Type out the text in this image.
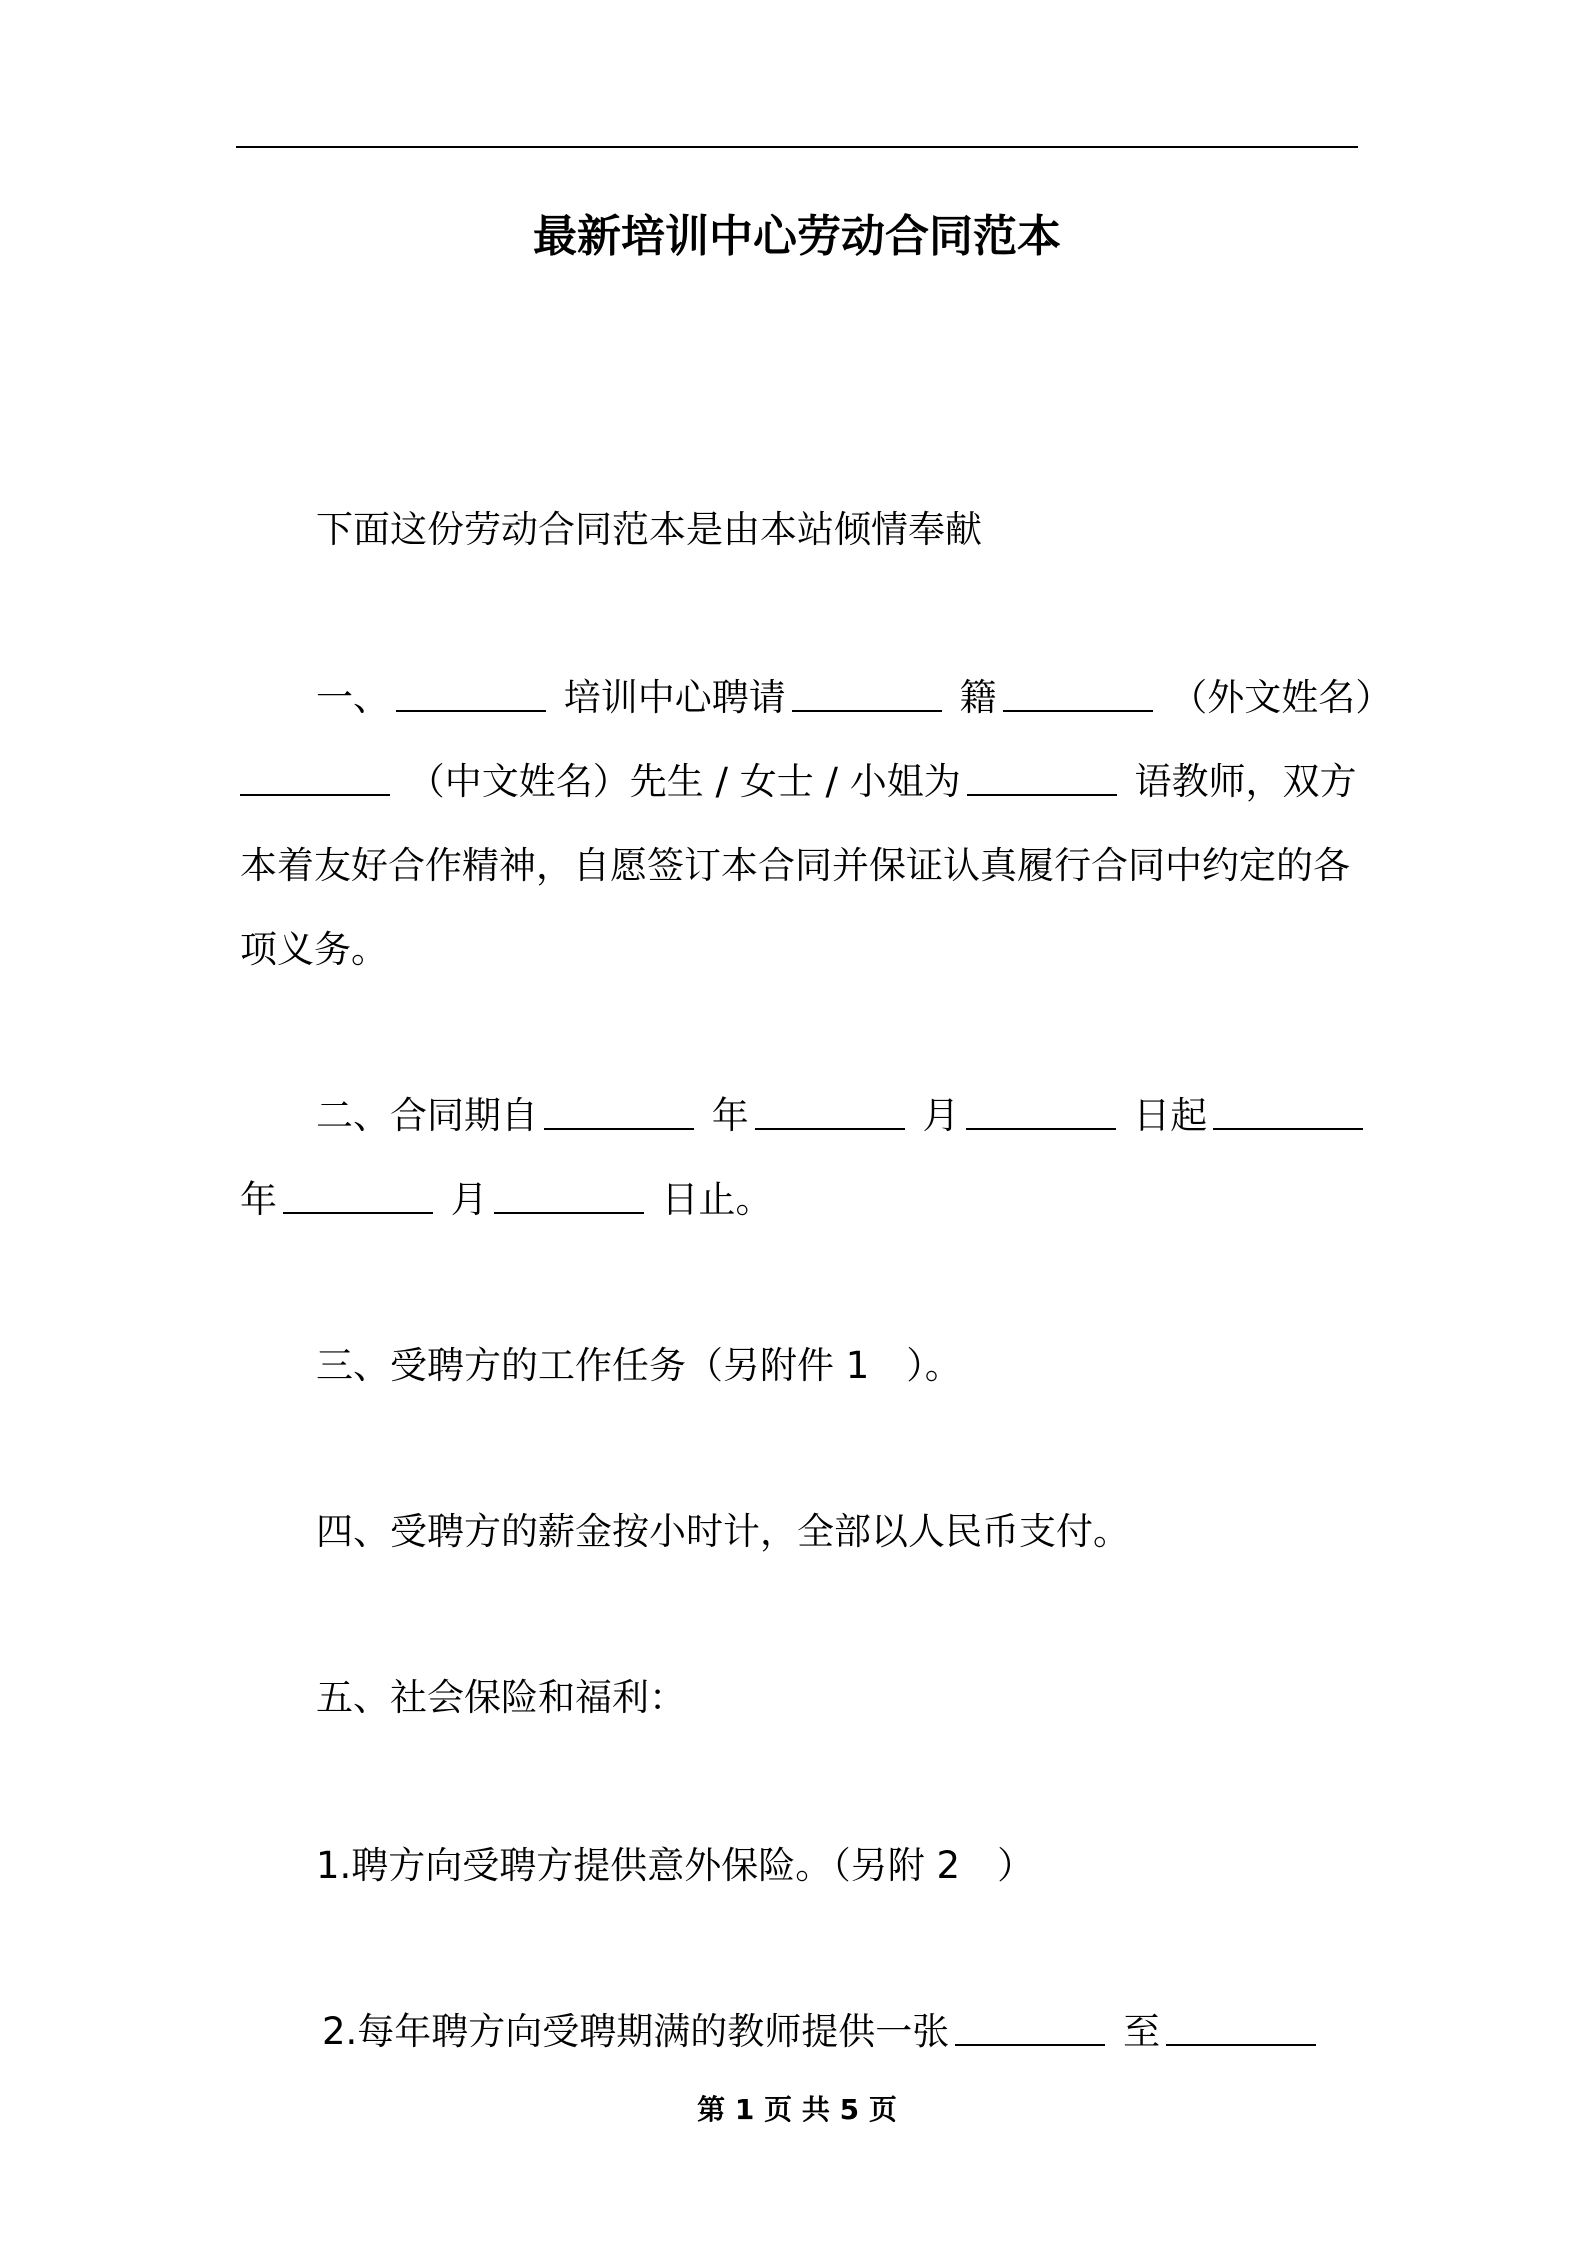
最新培训中心劳动合同范本
下面这份劳动合同范本是由本站倾情奉献
一、	培训中心聘请	籍	（外文姓名）
（中文姓名）先生 / 女士 / 小姐为	语教师，双方
本着友好合作精神，自愿签订本合同并保证认真履行合同中约定的各
项义务。
二、合同期自	年	月	日起
年	月	日止。
三、受聘方的工作任务（另附件 1　）。
四、受聘方的薪金按小时计，全部以人民币支付。
五、社会保险和福利：
1.聘方向受聘方提供意外保险。（另附 2　）
2.每年聘方向受聘期满的教师提供一张	至
第 1 页 共 5 页
